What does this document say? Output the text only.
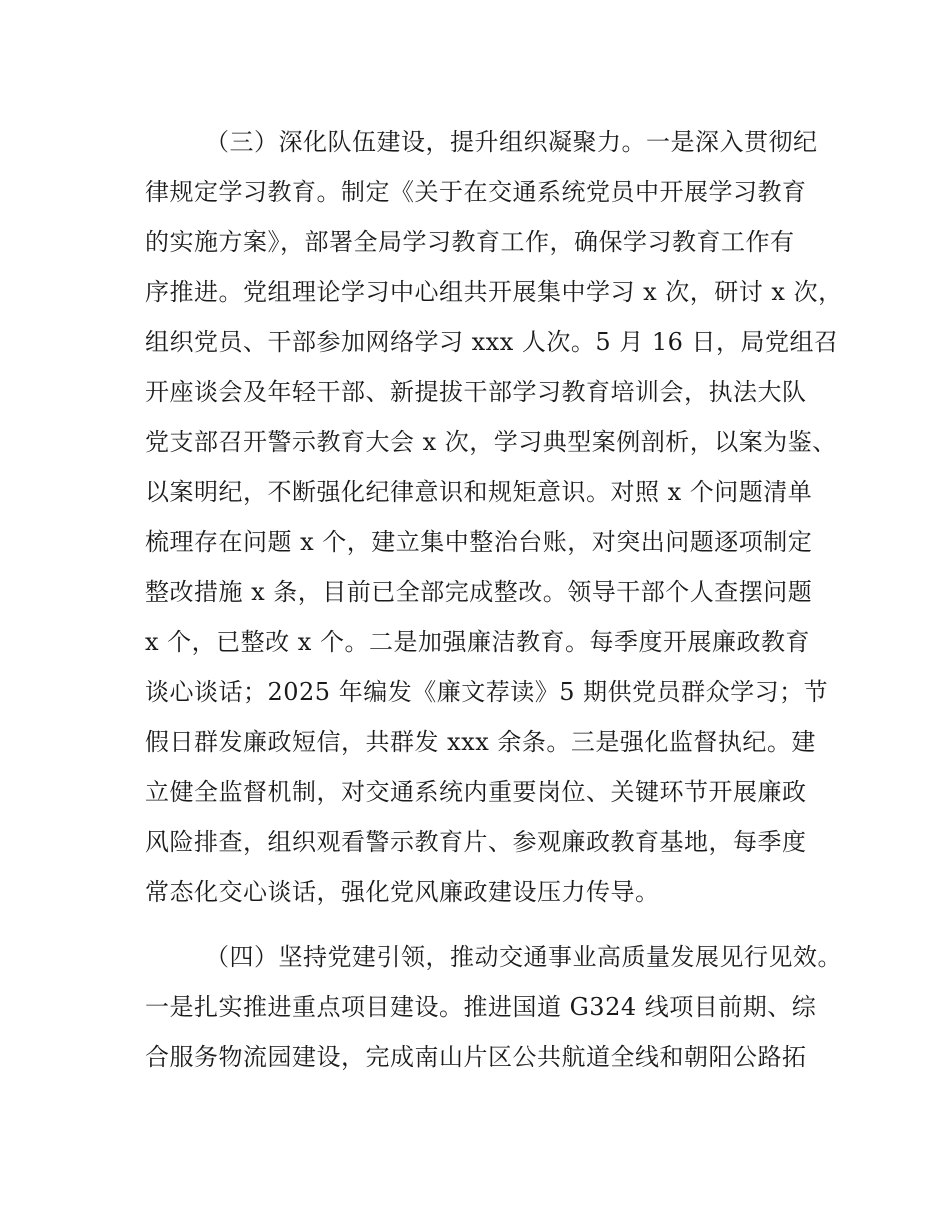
（三）深化队伍建设，提升组织凝聚力。一是深入贯彻纪
律规定学习教育。制定《关于在交通系统党员中开展学习教育
的实施方案》，部署全局学习教育工作，确保学习教育工作有
序推进。党组理论学习中心组共开展集中学习 x 次，研讨 x 次，
组织党员、干部参加网络学习 xxx 人次。5 月 16 日，局党组召
开座谈会及年轻干部、新提拔干部学习教育培训会，执法大队
党支部召开警示教育大会 x 次，学习典型案例剖析，以案为鉴、
以案明纪，不断强化纪律意识和规矩意识。对照 x 个问题清单
梳理存在问题 x 个，建立集中整治台账，对突出问题逐项制定
整改措施 x 条，目前已全部完成整改。领导干部个人查摆问题
x 个，已整改 x 个。二是加强廉洁教育。每季度开展廉政教育
谈心谈话；2025 年编发《廉文荐读》5 期供党员群众学习；节
假日群发廉政短信，共群发 xxx 余条。三是强化监督执纪。建
立健全监督机制，对交通系统内重要岗位、关键环节开展廉政
风险排查，组织观看警示教育片、参观廉政教育基地，每季度
常态化交心谈话，强化党风廉政建设压力传导。
（四）坚持党建引领，推动交通事业高质量发展见行见效。
一是扎实推进重点项目建设。推进国道 G324 线项目前期、综
合服务物流园建设，完成南山片区公共航道全线和朝阳公路拓
